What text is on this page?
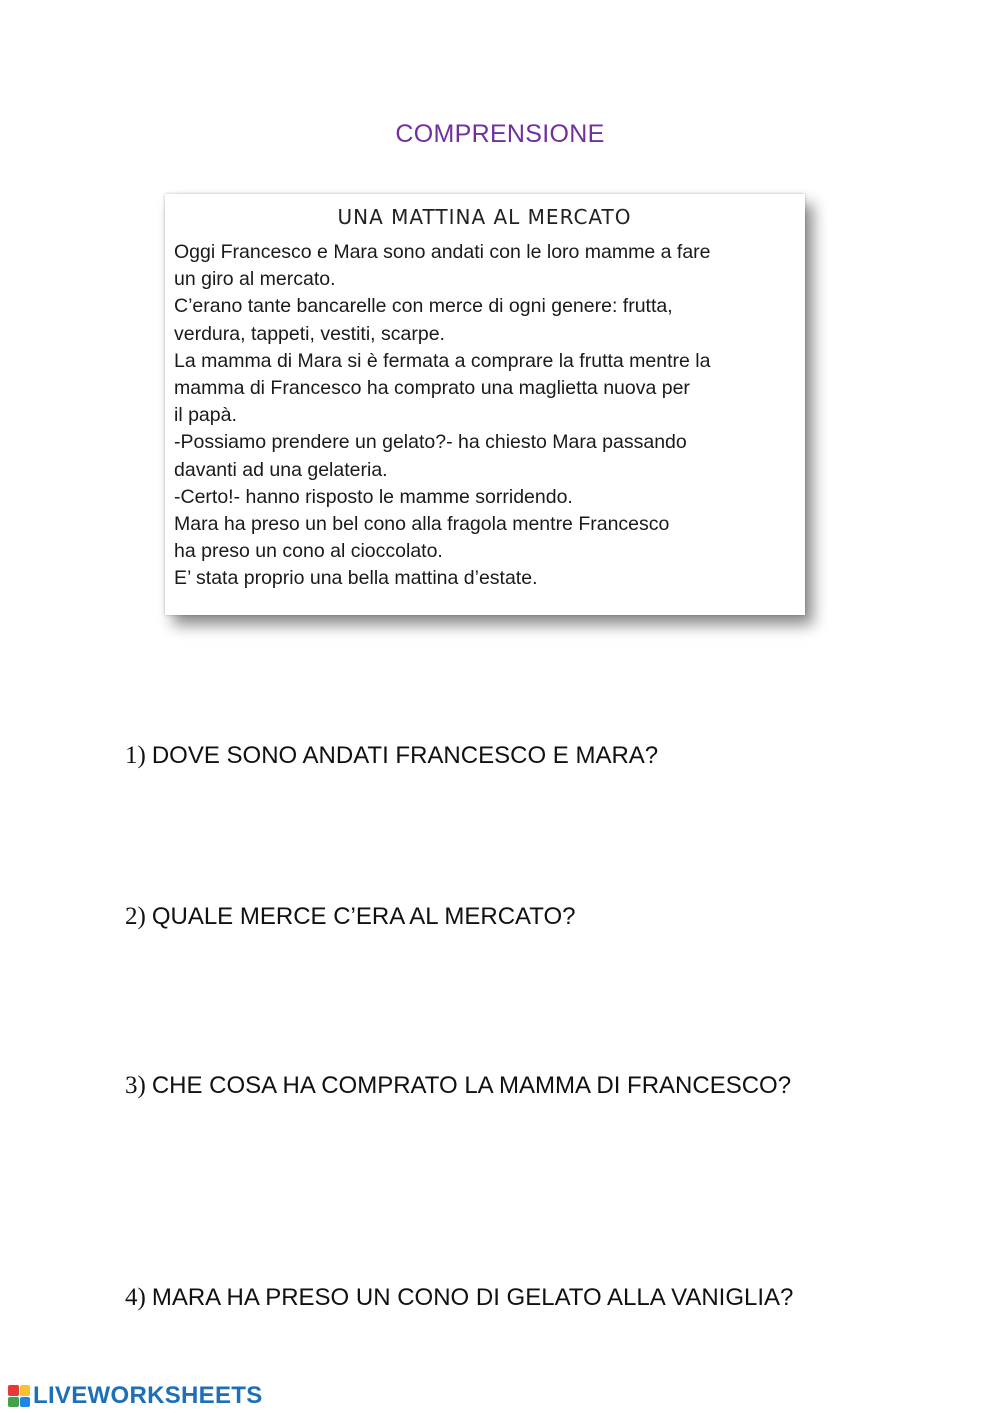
COMPRENSIONE
UNA MATTINA AL MERCATO
Oggi Francesco e Mara sono andati con le loro mamme a fare
un giro al mercato.
C’erano tante bancarelle con merce di ogni genere: frutta,
verdura, tappeti, vestiti, scarpe.
La mamma di Mara si è fermata a comprare la frutta mentre la
mamma di Francesco ha comprato una maglietta nuova per
il papà.
-Possiamo prendere un gelato?- ha chiesto Mara passando
davanti ad una gelateria.
-Certo!- hanno risposto le mamme sorridendo.
Mara ha preso un bel cono alla fragola mentre Francesco
ha preso un cono al cioccolato.
E’ stata proprio una bella mattina d’estate.
1) DOVE SONO ANDATI FRANCESCO E MARA?
2) QUALE MERCE C’ERA AL MERCATO?
3) CHE COSA HA COMPRATO LA MAMMA DI FRANCESCO?
4) MARA HA PRESO UN CONO DI GELATO ALLA VANIGLIA?
LIVEWORKSHEETS
